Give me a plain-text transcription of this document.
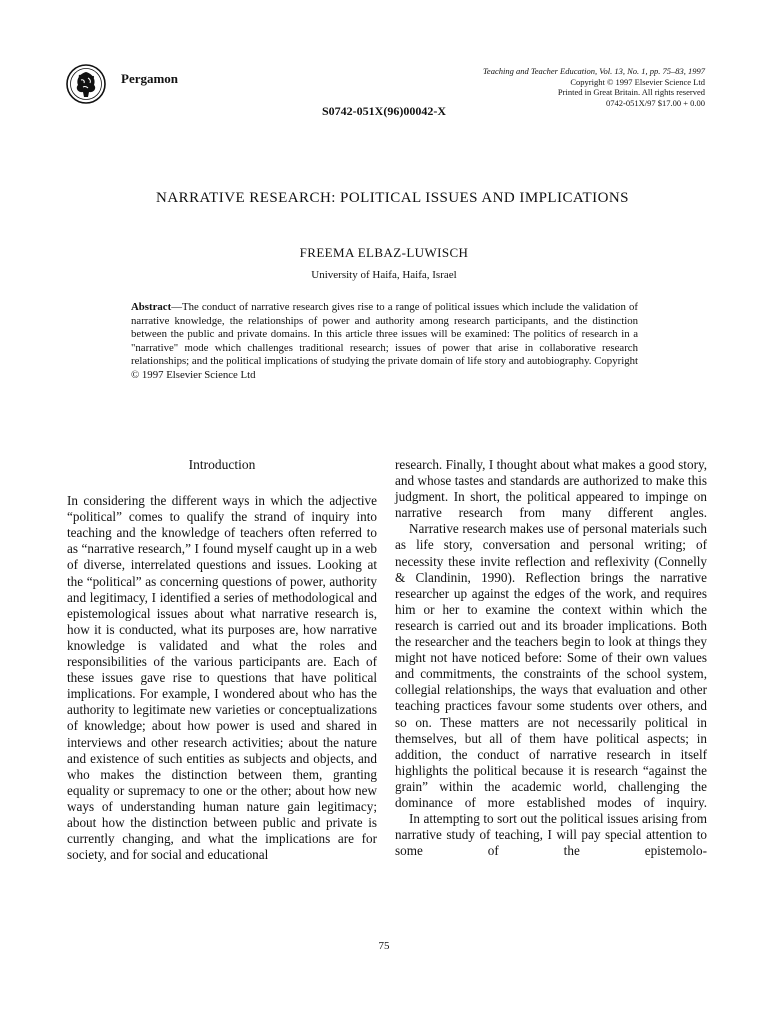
Pergamon	Teaching and Teacher Education, Vol. 13, No. 1, pp. 75–83, 1997
Copyright © 1997 Elsevier Science Ltd
Printed in Great Britain. All rights reserved
0742-051X/97 $17.00 + 0.00
S0742-051X(96)00042-X
NARRATIVE RESEARCH: POLITICAL ISSUES AND IMPLICATIONS
FREEMA ELBAZ-LUWISCH
University of Haifa, Haifa, Israel
Abstract—The conduct of narrative research gives rise to a range of political issues which include the validation of narrative knowledge, the relationships of power and authority among research participants, and the distinction between the public and private domains. In this article three issues will be examined: The politics of research in a "narrative" mode which challenges traditional research; issues of power that arise in collaborative research relationships; and the political implications of studying the private domain of life story and autobiography. Copyright © 1997 Elsevier Science Ltd

Introduction

In considering the different ways in which the adjective “political” comes to qualify the strand of inquiry into teaching and the knowledge of teachers often referred to as “narrative research,” I found myself caught up in a web of diverse, interrelated questions and issues. Looking at the “political” as concerning questions of power, authority and legitimacy, I identified a series of methodological and epistemological issues about what narrative research is, how it is conducted, what its purposes are, how narrative knowledge is validated and what the roles and responsibilities of the various participants are. Each of these issues gave rise to questions that have political implications. For example, I wondered about who has the authority to legitimate new varieties or conceptualizations of knowledge; about how power is used and shared in interviews and other research activities; about the nature and existence of such entities as subjects and objects, and who makes the distinction between them, granting equality or supremacy to one or the other; about how new ways of understanding human nature gain legitimacy; about how the distinction between public and private is currently changing, and what the implications are for society, and for social and educational

research. Finally, I thought about what makes a good story, and whose tastes and standards are authorized to make this judgment. In short, the political appeared to impinge on narrative research from many different angles.

Narrative research makes use of personal materials such as life story, conversation and personal writing; of necessity these invite reflection and reflexivity (Connelly & Clandinin, 1990). Reflection brings the narrative researcher up against the edges of the work, and requires him or her to examine the context within which the research is carried out and its broader implications. Both the researcher and the teachers begin to look at things they might not have noticed before: Some of their own values and commitments, the constraints of the school system, collegial relationships, the ways that evaluation and other teaching practices favour some students over others, and so on. These matters are not necessarily political in themselves, but all of them have political aspects; in addition, the conduct of narrative research in itself highlights the political because it is research “against the grain” within the academic world, challenging the dominance of more established modes of inquiry.

In attempting to sort out the political issues arising from narrative study of teaching, I will pay special attention to some of the epistemolo-

75
